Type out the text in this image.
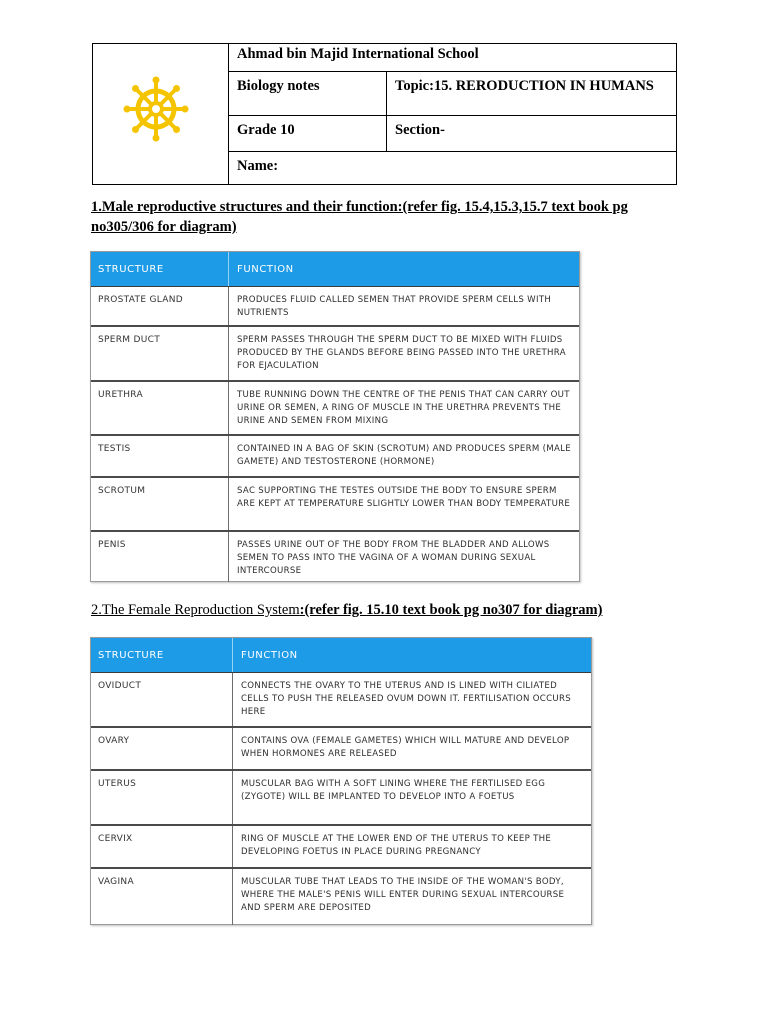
Ahmad bin Majid International School
Biology notes	Topic:15. RERODUCTION IN HUMANS
Grade 10	Section-
Name:
1.Male reproductive structures and their function:(refer fig. 15.4,15.3,15.7 text book pg no305/306 for diagram)
STRUCTURE	FUNCTION
PROSTATE GLAND	PRODUCES FLUID CALLED SEMEN THAT PROVIDE SPERM CELLS WITH NUTRIENTS
SPERM DUCT	SPERM PASSES THROUGH THE SPERM DUCT TO BE MIXED WITH FLUIDS PRODUCED BY THE GLANDS BEFORE BEING PASSED INTO THE URETHRA FOR EJACULATION
URETHRA	TUBE RUNNING DOWN THE CENTRE OF THE PENIS THAT CAN CARRY OUT URINE OR SEMEN, A RING OF MUSCLE IN THE URETHRA PREVENTS THE URINE AND SEMEN FROM MIXING
TESTIS	CONTAINED IN A BAG OF SKIN (SCROTUM) AND PRODUCES SPERM (MALE GAMETE) AND TESTOSTERONE (HORMONE)
SCROTUM	SAC SUPPORTING THE TESTES OUTSIDE THE BODY TO ENSURE SPERM ARE KEPT AT TEMPERATURE SLIGHTLY LOWER THAN BODY TEMPERATURE
PENIS	PASSES URINE OUT OF THE BODY FROM THE BLADDER AND ALLOWS SEMEN TO PASS INTO THE VAGINA OF A WOMAN DURING SEXUAL INTERCOURSE
2.The Female Reproduction System:(refer fig. 15.10 text book pg no307 for diagram)
STRUCTURE	FUNCTION
OVIDUCT	CONNECTS THE OVARY TO THE UTERUS AND IS LINED WITH CILIATED CELLS TO PUSH THE RELEASED OVUM DOWN IT. FERTILISATION OCCURS HERE
OVARY	CONTAINS OVA (FEMALE GAMETES) WHICH WILL MATURE AND DEVELOP WHEN HORMONES ARE RELEASED
UTERUS	MUSCULAR BAG WITH A SOFT LINING WHERE THE FERTILISED EGG (ZYGOTE) WILL BE IMPLANTED TO DEVELOP INTO A FOETUS
CERVIX	RING OF MUSCLE AT THE LOWER END OF THE UTERUS TO KEEP THE DEVELOPING FOETUS IN PLACE DURING PREGNANCY
VAGINA	MUSCULAR TUBE THAT LEADS TO THE INSIDE OF THE WOMAN'S BODY, WHERE THE MALE'S PENIS WILL ENTER DURING SEXUAL INTERCOURSE AND SPERM ARE DEPOSITED
